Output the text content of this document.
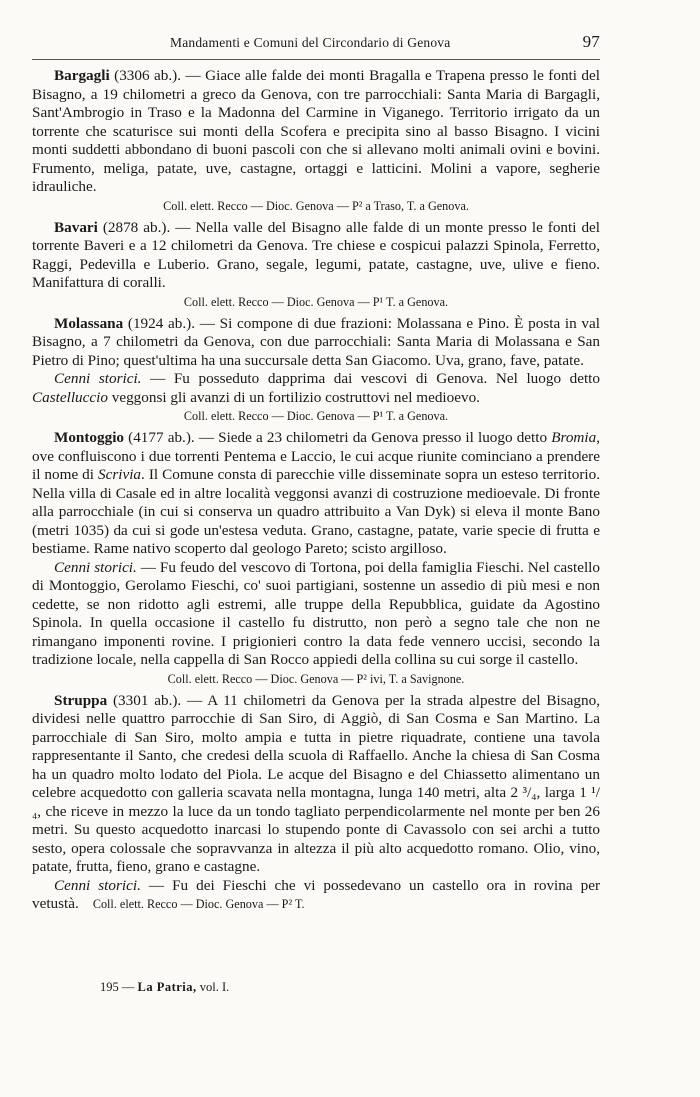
Mandamenti e Comuni del Circondario di Genova	97

Bargagli (3306 ab.). — Giace alle falde dei monti Bragalla e Trapena presso le fonti del Bisagno, a 19 chilometri a greco da Genova, con tre parrocchiali: Santa Maria di Bargagli, Sant'Ambrogio in Traso e la Madonna del Carmine in Viganego. Territorio irrigato da un torrente che scaturisce sui monti della Scofera e precipita sino al basso Bisagno. I vicini monti suddetti abbondano di buoni pascoli con che si allevano molti animali ovini e bovini. Frumento, meliga, patate, uve, castagne, ortaggi e latticini. Molini a vapore, segherie idrauliche.

Coll. elett. Recco — Dioc. Genova — P² a Traso, T. a Genova.

Bavari (2878 ab.). — Nella valle del Bisagno alle falde di un monte presso le fonti del torrente Baveri e a 12 chilometri da Genova. Tre chiese e cospicui palazzi Spinola, Ferretto, Raggi, Pedevilla e Luberio. Grano, segale, legumi, patate, castagne, uve, ulive e fieno. Manifattura di coralli.

Coll. elett. Recco — Dioc. Genova — P¹ T. a Genova.

Molassana (1924 ab.). — Si compone di due frazioni: Molassana e Pino. È posta in val Bisagno, a 7 chilometri da Genova, con due parrocchiali: Santa Maria di Molassana e San Pietro di Pino; quest'ultima ha una succursale detta San Giacomo. Uva, grano, fave, patate.

Cenni storici. — Fu posseduto dapprima dai vescovi di Genova. Nel luogo detto Castelluccio veggonsi gli avanzi di un fortilizio costruttovi nel medioevo.

Coll. elett. Recco — Dioc. Genova — P¹ T. a Genova.

Montoggio (4177 ab.). — Siede a 23 chilometri da Genova presso il luogo detto Bromia, ove confluiscono i due torrenti Pentema e Laccio, le cui acque riunite cominciano a prendere il nome di Scrivia. Il Comune consta di parecchie ville disseminate sopra un esteso territorio. Nella villa di Casale ed in altre località veggonsi avanzi di costruzione medioevale. Di fronte alla parrocchiale (in cui si conserva un quadro attribuito a Van Dyk) si eleva il monte Bano (metri 1035) da cui si gode un'estesa veduta. Grano, castagne, patate, varie specie di frutta e bestiame. Rame nativo scoperto dal geologo Pareto; scisto argilloso.

Cenni storici. — Fu feudo del vescovo di Tortona, poi della famiglia Fieschi. Nel castello di Montoggio, Gerolamo Fieschi, co' suoi partigiani, sostenne un assedio di più mesi e non cedette, se non ridotto agli estremi, alle truppe della Repubblica, guidate da Agostino Spinola. In quella occasione il castello fu distrutto, non però a segno tale che non ne rimangano imponenti rovine. I prigionieri contro la data fede vennero uccisi, secondo la tradizione locale, nella cappella di San Rocco appiedi della collina su cui sorge il castello.

Coll. elett. Recco — Dioc. Genova — P² ivi, T. a Savignone.

Struppa (3301 ab.). — A 11 chilometri da Genova per la strada alpestre del Bisagno, dividesi nelle quattro parrocchie di San Siro, di Aggiò, di San Cosma e San Martino. La parrocchiale di San Siro, molto ampia e tutta in pietre riquadrate, contiene una tavola rappresentante il Santo, che credesi della scuola di Raffaello. Anche la chiesa di San Cosma ha un quadro molto lodato del Piola. Le acque del Bisagno e del Chiassetto alimentano un celebre acquedotto con galleria scavata nella montagna, lunga 140 metri, alta 2 ³/₄, larga 1 ¹/₄, che riceve in mezzo la luce da un tondo tagliato perpendicolarmente nel monte per ben 26 metri. Su questo acquedotto inarcasi lo stupendo ponte di Cavassolo con sei archi a tutto sesto, opera colossale che sopravvanza in altezza il più alto acquedotto romano. Olio, vino, patate, frutta, fieno, grano e castagne.

Cenni storici. — Fu dei Fieschi che vi possedevano un castello ora in rovina per vetustà. Coll. elett. Recco — Dioc. Genova — P² T.

195 — La Patria, vol. I.
